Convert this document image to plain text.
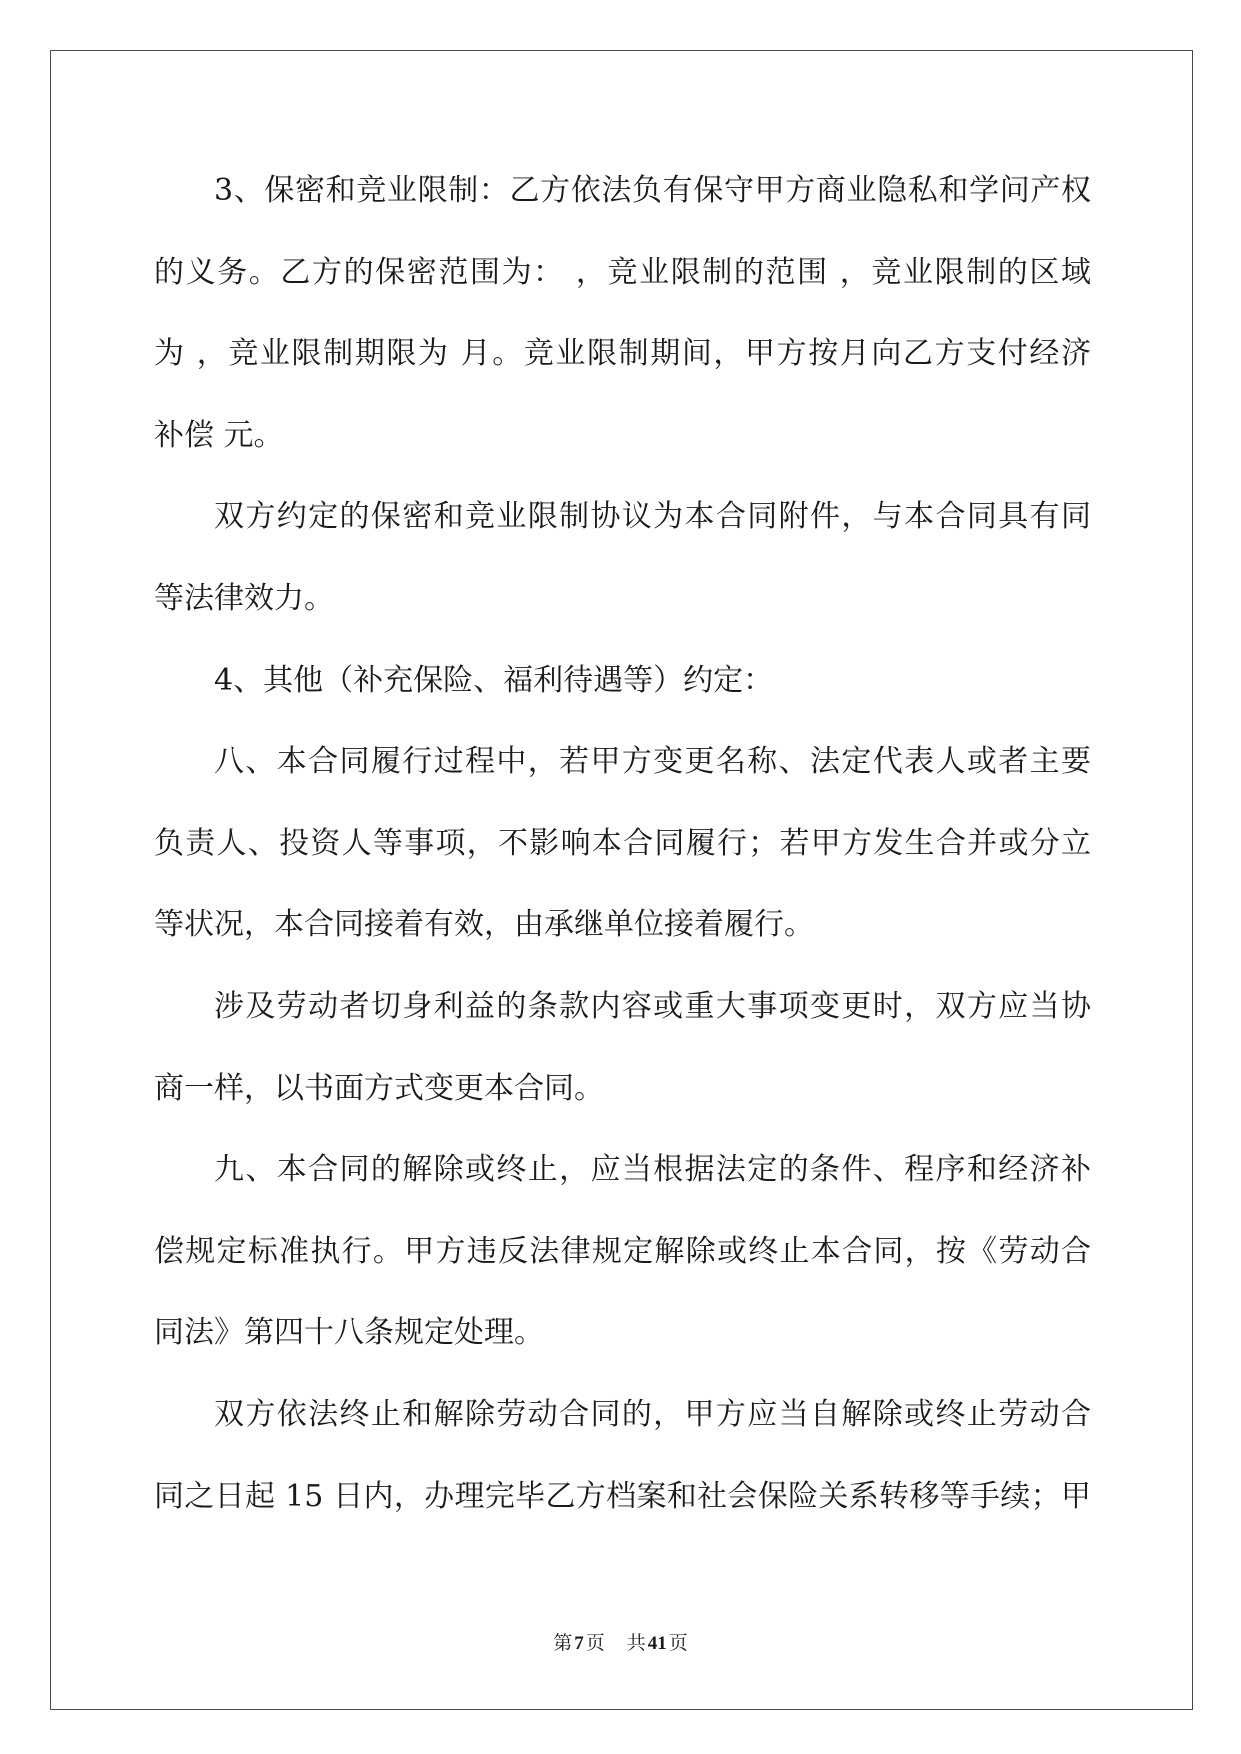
3、保密和竞业限制：乙方依法负有保守甲方商业隐私和学问产权
的义务。乙方的保密范围为： ，竞业限制的范围 ，竞业限制的区域
为 ，竞业限制期限为 月。竞业限制期间，甲方按月向乙方支付经济
补偿 元。
双方约定的保密和竞业限制协议为本合同附件，与本合同具有同
等法律效力。
4、其他（补充保险、福利待遇等）约定：
八、本合同履行过程中，若甲方变更名称、法定代表人或者主要
负责人、投资人等事项，不影响本合同履行；若甲方发生合并或分立
等状况，本合同接着有效，由承继单位接着履行。
涉及劳动者切身利益的条款内容或重大事项变更时，双方应当协
商一样，以书面方式变更本合同。
九、本合同的解除或终止，应当根据法定的条件、程序和经济补
偿规定标准执行。甲方违反法律规定解除或终止本合同，按《劳动合
同法》第四十八条规定处理。
双方依法终止和解除劳动合同的，甲方应当自解除或终止劳动合
同之日起 15 日内，办理完毕乙方档案和社会保险关系转移等手续；甲
第 7 页 共 41 页
